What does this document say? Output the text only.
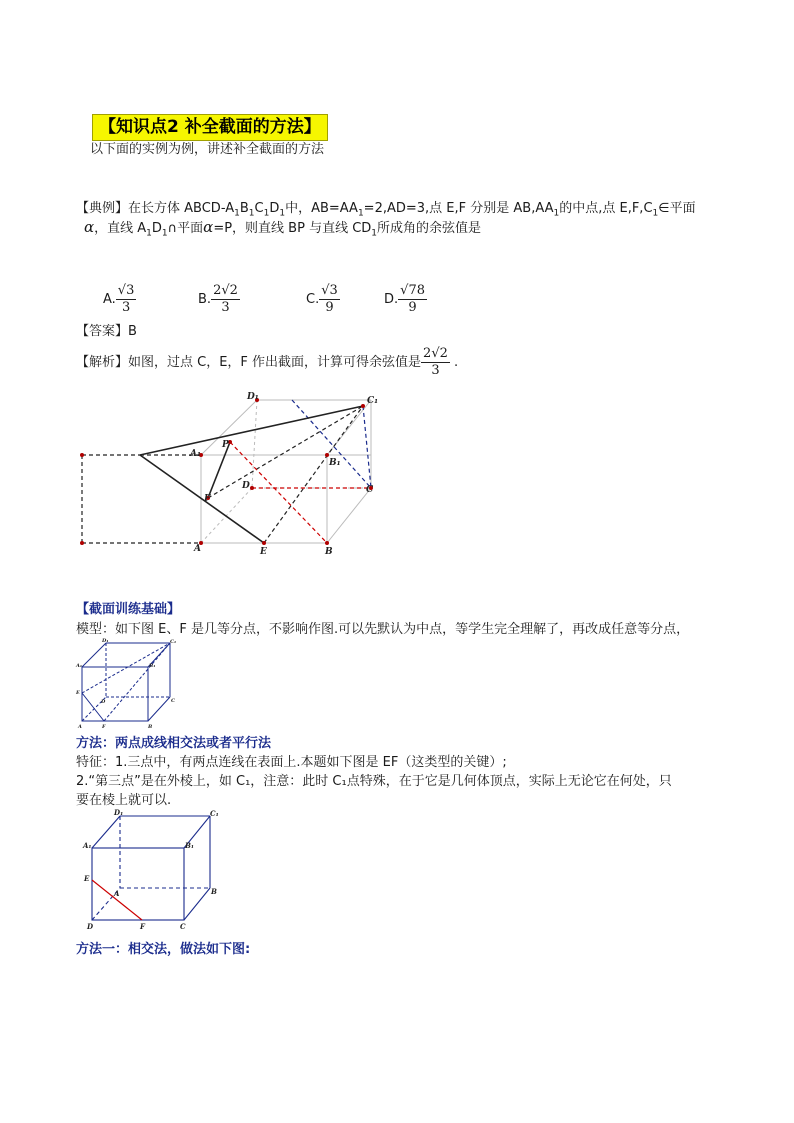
【知识点2 补全截面的方法】
以下面的实例为例，讲述补全截面的方法
【典例】在长方体 ABCD-$A_1B_1C_1D_1$中，$AB=AA_1=2,AD=3$,点 E,F 分别是 $AB,AA_1$的中点,点 $E,F,C_1\in$平面
α，直线 $A_1D_1\cap$平面α=P，则直线 BP 与直线 $CD_1$所成角的余弦值是
A. $\frac{√3}{3}$	B. $\frac{2√2}{3}$	C. $\frac{√3}{9}$	D. $\frac{√78}{9}$
【答案】B
【解析】如图，过点 C，E，F 作出截面，计算可得余弦值是 $\frac{2√2}{3}$ .
D₁	C₁
P
A₁
B₁
D	C
F
A	E	B
【截面训练基础】
模型：如下图 E、F 是几等分点，不影响作图.可以先默认为中点，等学生完全理解了，再改成任意等分点，
D₁	C₁
A₁	B₁
E
D	C
A	B
F
方法：两点成线相交法或者平行法
特征：1.三点中，有两点连线在表面上.本题如下图是 EF（这类型的关键）;
2.“第三点”是在外棱上，如 C₁，注意：此时 C₁点特殊，在于它是几何体顶点，实际上无论它在何处，只
要在棱上就可以.
D₁	C₁
A₁	B₁
E
A	B
D	C
F
方法一：相交法，做法如下图:
